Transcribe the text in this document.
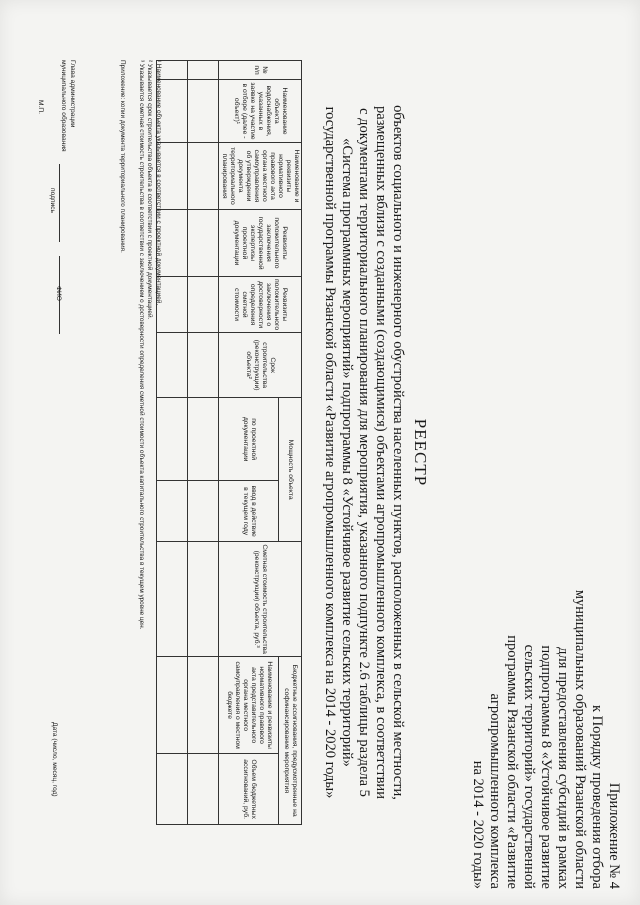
Приложение № 4
к Порядку проведения отбора
муниципальных образований Рязанской области
для предоставления субсидий в рамках
подпрограммы 8 «Устойчивое развитие
сельских территорий» государственной
программы Рязанской области «Развитие
агропромышленного комплекса
на 2014 - 2020 годы»
РЕЕСТР
объектов социального и инженерного обустройства населенных пунктов, расположенных в сельской местности,
размещенных вблизи с созданными (создающимися) объектами агропромышленного комплекса, в соответствии
с документами территориального планирования для мероприятия, указанного подпункте 2.6 таблицы раздела 5
«Система программных мероприятий» подпрограммы 8 «Устойчивое развитие сельских территорий»
государственной программы Рязанской области «Развитие агропромышленного комплекса на 2014 - 2020 годы»
№ п/п	Наименование объекта водоснабжения, указанных в заявке на участие в отборе (далее - объект)¹	Наименование и реквизиты нормативного правового акта органа местного самоуправления об утверждении документа территориального планирования	Реквизиты положительного заключения государственной экспертизы проектной документации	Реквизиты положительного заключения о достоверности определения сметной стоимости	Срок строительства (реконструкции) объекта²	Мощность объекта		Сметная стоимость строительства (реконструкции) объекта, руб.³	Бюджетные ассигнования, предусмотренные на софинансирование мероприятия	
						по проектной документации	ввод в действие в текущем году		Наименование и реквизиты нормативного правового акта представительного органа местного самоуправления о местном бюджете	Объем бюджетных ассигнований, руб.

¹ Наименование объекта указывается в соответствии с проектной документацией.
² Указывается срок строительства объекта в соответствии с проектной документацией.
³ Указывается сметная стоимость строительства в соответствии с заключением о достоверности определения сметной стоимости объекта капитального строительства в текущем уровне цен.
Приложение: копии документа территориального планирования.
Глава администрации
муниципального образования
подпись
ФИО
М.П.
Дата (число, месяц, год)
